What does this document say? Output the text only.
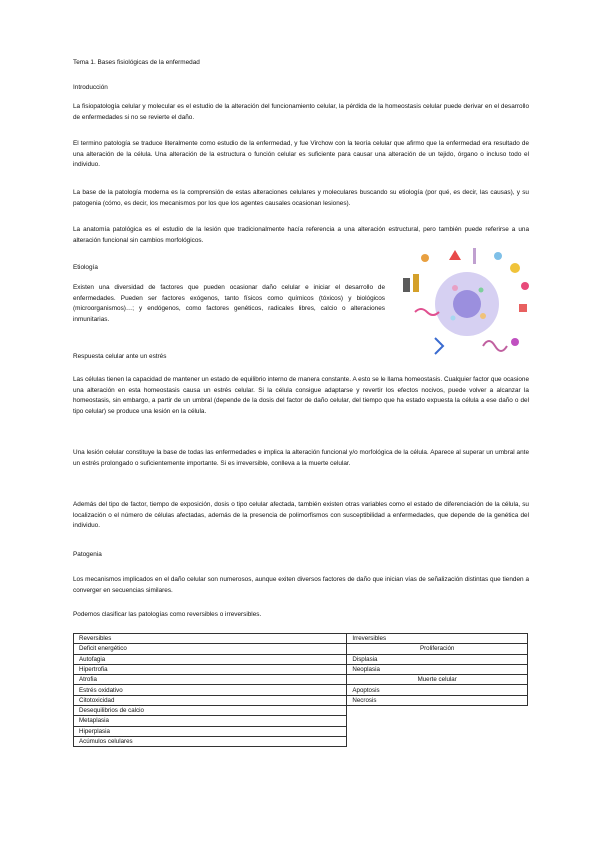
Tema 1. Bases fisiológicas de la enfermedad
Introducción
La fisiopatología celular y molecular es el estudio de la alteración del funcionamiento celular, la pérdida de la homeostasis celular puede derivar en el desarrollo de enfermedades si no se revierte el daño.
El termino patología se traduce literalmente como estudio de la enfermedad, y fue Virchow con la teoría celular que afirmo que la enfermedad era resultado de una alteración de la célula. Una alteración de la estructura o función celular es suficiente para causar una alteración de un tejido, órgano o incluso todo el individuo.
La base de la patología moderna es la comprensión de estas alteraciones celulares y moleculares buscando su etiología (por qué, es decir, las causas), y su patogenia (cómo, es decir, los mecanismos por los que los agentes causales ocasionan lesiones).
La anatomía patológica es el estudio de la lesión que tradicionalmente hacía referencia a una alteración estructural, pero también puede referirse a una alteración funcional sin cambios morfológicos.
Etiología
Existen una diversidad de factores que pueden ocasionar daño celular e iniciar el desarrollo de enfermedades. Pueden ser factores exógenos, tanto físicos como químicos (tóxicos) y biológicos (microorganismos)…; y endógenos, como factores genéticos, radicales libres, calcio o alteraciones inmunitarias.
Respuesta celular ante un estrés
Las células tienen la capacidad de mantener un estado de equilibrio interno de manera constante. A esto se le llama homeostasis. Cualquier factor que ocasione una alteración en esta homeostasis causa un estrés celular. Si la célula consigue adaptarse y revertir los efectos nocivos, puede volver a alcanzar la homeostasis, sin embargo, a partir de un umbral (depende de la dosis del factor de daño celular, del tiempo que ha estado expuesta la célula a ese daño o del tipo celular) se produce una lesión en la célula.
Una lesión celular constituye la base de todas las enfermedades e implica la alteración funcional y/o morfológica de la célula. Aparece al superar un umbral ante un estrés prolongado o suficientemente importante. Si es irreversible, conlleva a la muerte celular.
Además del tipo de factor, tiempo de exposición, dosis o tipo celular afectada, también existen otras variables como el estado de diferenciación de la célula, su localización o el número de células afectadas, además de la presencia de polimorfismos con susceptibilidad a enfermedades, que depende de la genética del individuo.
Patogenia
Los mecanismos implicados en el daño celular son numerosos, aunque exiten diversos factores de daño que inician vías de señalización distintas que tienden a converger en secuencias similares.
Podemos clasificar las patologías como reversibles o irreversibles.
Reversibles	Irreversibles
Deficit energético	Proliferación
Autofagia	Displasia
Hipertrofia	Neoplasia
Atrofia	Muerte celular
Estrés oxidativo	Apoptosis
Citotoxicidad	Necrosis
Desequilibrios de calcio	
Metaplasia	
Hiperplasia	
Acúmulos celulares	
